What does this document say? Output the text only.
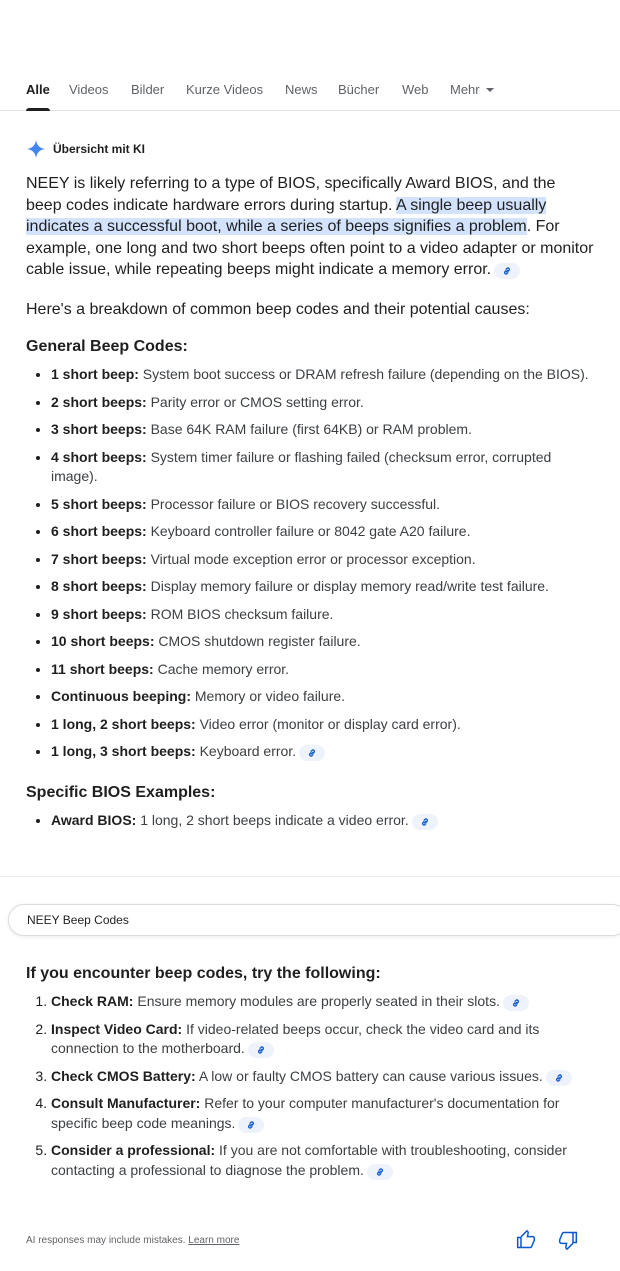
Alle Videos Bilder Kurze Videos News Bücher Web Mehr
Übersicht mit KI

NEEY is likely referring to a type of BIOS, specifically Award BIOS, and the beep codes indicate hardware errors during startup. A single beep usually indicates a successful boot, while a series of beeps signifies a problem. For example, one long and two short beeps often point to a video adapter or monitor cable issue, while repeating beeps might indicate a memory error.

Here's a breakdown of common beep codes and their potential causes:

General Beep Codes:
• 1 short beep: System boot success or DRAM refresh failure (depending on the BIOS).
• 2 short beeps: Parity error or CMOS setting error.
• 3 short beeps: Base 64K RAM failure (first 64KB) or RAM problem.
• 4 short beeps: System timer failure or flashing failed (checksum error, corrupted image).
• 5 short beeps: Processor failure or BIOS recovery successful.
• 6 short beeps: Keyboard controller failure or 8042 gate A20 failure.
• 7 short beeps: Virtual mode exception error or processor exception.
• 8 short beeps: Display memory failure or display memory read/write test failure.
• 9 short beeps: ROM BIOS checksum failure.
• 10 short beeps: CMOS shutdown register failure.
• 11 short beeps: Cache memory error.
• Continuous beeping: Memory or video failure.
• 1 long, 2 short beeps: Video error (monitor or display card error).
• 1 long, 3 short beeps: Keyboard error.
Specific BIOS Examples:
• Award BIOS: 1 long, 2 short beeps indicate a video error.
NEEY Beep Codes
If you encounter beep codes, try the following:
1. Check RAM: Ensure memory modules are properly seated in their slots.
2. Inspect Video Card: If video-related beeps occur, check the video card and its connection to the motherboard.
3. Check CMOS Battery: A low or faulty CMOS battery can cause various issues.
4. Consult Manufacturer: Refer to your computer manufacturer's documentation for specific beep code meanings.
5. Consider a professional: If you are not comfortable with troubleshooting, consider contacting a professional to diagnose the problem.
AI responses may include mistakes. Learn more
